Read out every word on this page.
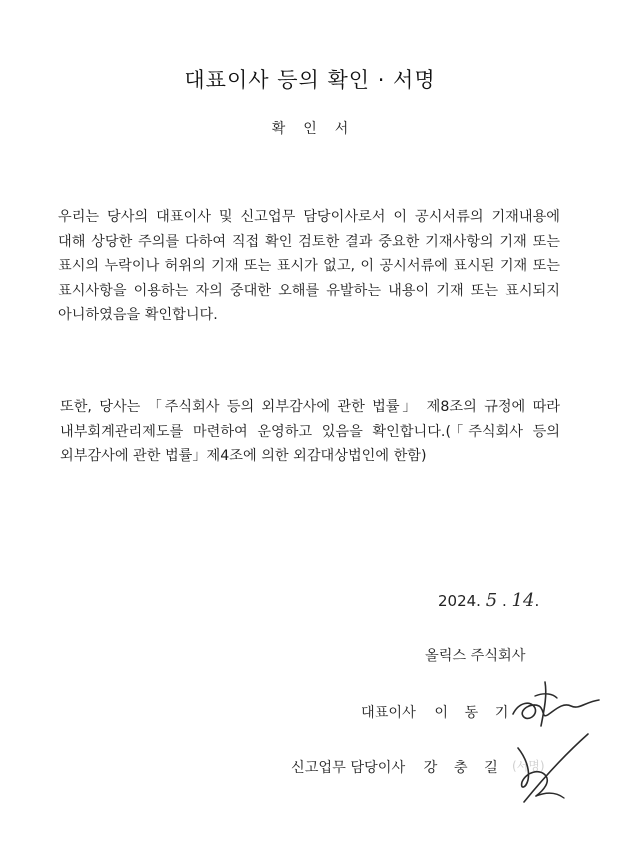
대표이사 등의 확인 · 서명
확인서

우리는 당사의 대표이사 및 신고업무 담당이사로서 이 공시서류의 기재내용에 대해 상당한 주의를 다하여 직접 확인 검토한 결과 중요한 기재사항의 기재 또는 표시의 누락이나 허위의 기재 또는 표시가 없고, 이 공시서류에 표시된 기재 또는 표시사항을 이용하는 자의 중대한 오해를 유발하는 내용이 기재 또는 표시되지 아니하였음을 확인합니다.

또한, 당사는 「주식회사 등의 외부감사에 관한 법률」 제8조의 규정에 따라 내부회계관리제도를 마련하여 운영하고 있음을 확인합니다.(「주식회사 등의 외부감사에 관한 법률」제4조에 의한 외감대상법인에 한함)

2024. 5 . 14.
올릭스 주식회사
대표이사 이 동 기
신고업무 담당이사 강 충 길 (서명)
